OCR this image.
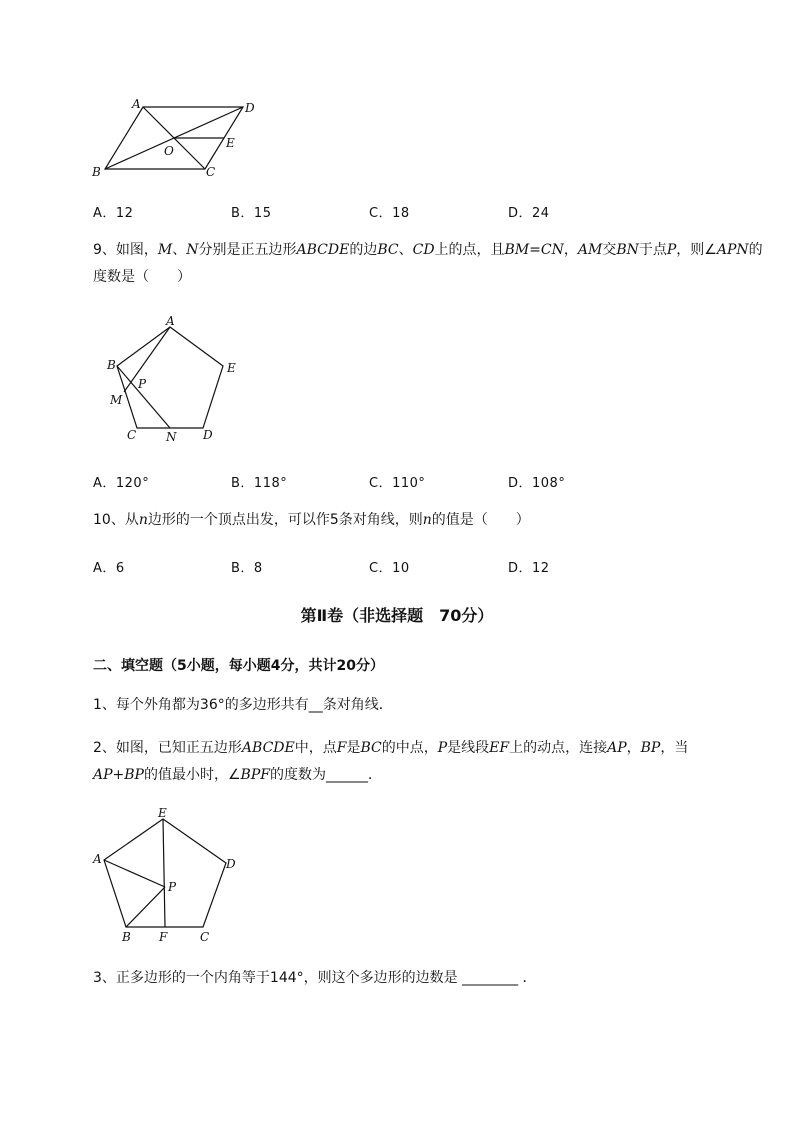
A	D
O
E
B	C
A．12	B．15	C．18	D．24
9、如图，M、N分别是正五边形ABCDE的边BC、CD上的点，且BM=CN，AM交BN于点P，则∠APN的
度数是（　　）
A
B	E
P
M
C N D
A．120°	B．118°	C．110°	D．108°
10、从n边形的一个顶点出发，可以作5条对角线，则n的值是（　　）
A．6	B．8	C．10	D．12
第Ⅱ卷（非选择题　70分）
二、填空题（5小题，每小题4分，共计20分）
1、每个外角都为36°的多边形共有__条对角线．
2、如图，已知正五边形ABCDE中，点F是BC的中点，P是线段EF上的动点，连接AP，BP，当
AP+BP的值最小时，∠BPF的度数为______．
E
A	D
P
B F	C
3、正多边形的一个内角等于144°，则这个多边形的边数是 ________ ．
